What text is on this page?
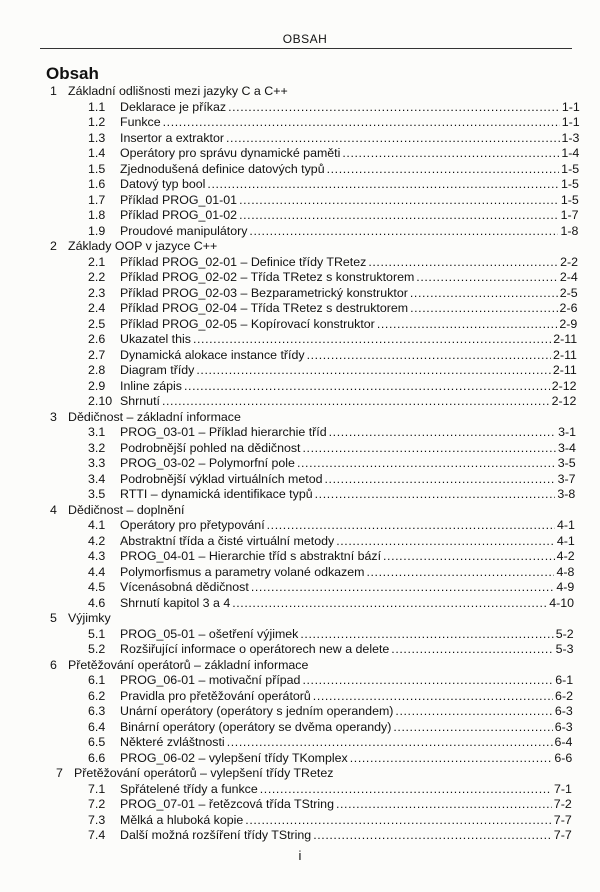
OBSAH
Obsah
1 Základní odlišnosti mezi jazyky C a C++
1.1	Deklarace je příkaz .....	1-1
1.2	Funkce .....	1-1
1.3	Insertor a extraktor .....	1-3
1.4	Operátory pro správu dynamické paměti .....	1-4
1.5	Zjednodušená definice datových typů .....	1-5
1.6	Datový typ bool .....	1-5
1.7	Příklad PROG_01-01 .....	1-5
1.8	Příklad PROG_01-02 .....	1-7
1.9	Proudové manipulátory .....	1-8
2 Základy OOP v jazyce C++
2.1	Příklad PROG_02-01 – Definice třídy TRetez .....	2-2
2.2	Příklad PROG_02-02 – Třída TRetez s konstruktorem .....	2-4
2.3	Příklad PROG_02-03 – Bezparametrický konstruktor .....	2-5
2.4	Příklad PROG_02-04 – Třída TRetez s destruktorem .....	2-6
2.5	Příklad PROG_02-05 – Kopírovací konstruktor .....	2-9
2.6	Ukazatel this .....	2-11
2.7	Dynamická alokace instance třídy .....	2-11
2.8	Diagram třídy .....	2-11
2.9	Inline zápis .....	2-12
2.10 Shrnutí .....	2-12
3 Dědičnost – základní informace
3.1	PROG_03-01 – Příklad hierarchie tříd .....	3-1
3.2	Podrobnější pohled na dědičnost .....	3-4
3.3	PROG_03-02 – Polymorfní pole .....	3-5
3.4	Podrobnější výklad virtuálních metod .....	3-7
3.5	RTTI – dynamická identifikace typů .....	3-8
4 Dědičnost – doplnění
4.1	Operátory pro přetypování .....	4-1
4.2	Abstraktní třída a čisté virtuální metody .....	4-1
4.3	PROG_04-01 – Hierarchie tříd s abstraktní bází .....	4-2
4.4	Polymorfismus a parametry volané odkazem .....	4-8
4.5	Vícenásobná dědičnost .....	4-9
4.6	Shrnutí kapitol 3 a 4 .....	4-10
5 Výjimky
5.1	PROG_05-01 – ošetření výjimek .....	5-2
5.2	Rozšiřující informace o operátorech new a delete .....	5-3
6 Přetěžování operátorů – základní informace
6.1	PROG_06-01 – motivační případ .....	6-1
6.2	Pravidla pro přetěžování operátorů .....	6-2
6.3	Unární operátory (operátory s jedním operandem) .....	6-3
6.4	Binární operátory (operátory se dvěma operandy) .....	6-3
6.5	Některé zvláštnosti .....	6-4
6.6	PROG_06-02 – vylepšení třídy TKomplex .....	6-6
7 Přetěžování operátorů – vylepšení třídy TRetez
7.1	Spřátelené třídy a funkce .....	7-1
7.2	PROG_07-01 – řetězcová třída TString .....	7-2
7.3	Mělká a hluboká kopie .....	7-7
7.4	Další možná rozšíření třídy TString .....	7-7
i
